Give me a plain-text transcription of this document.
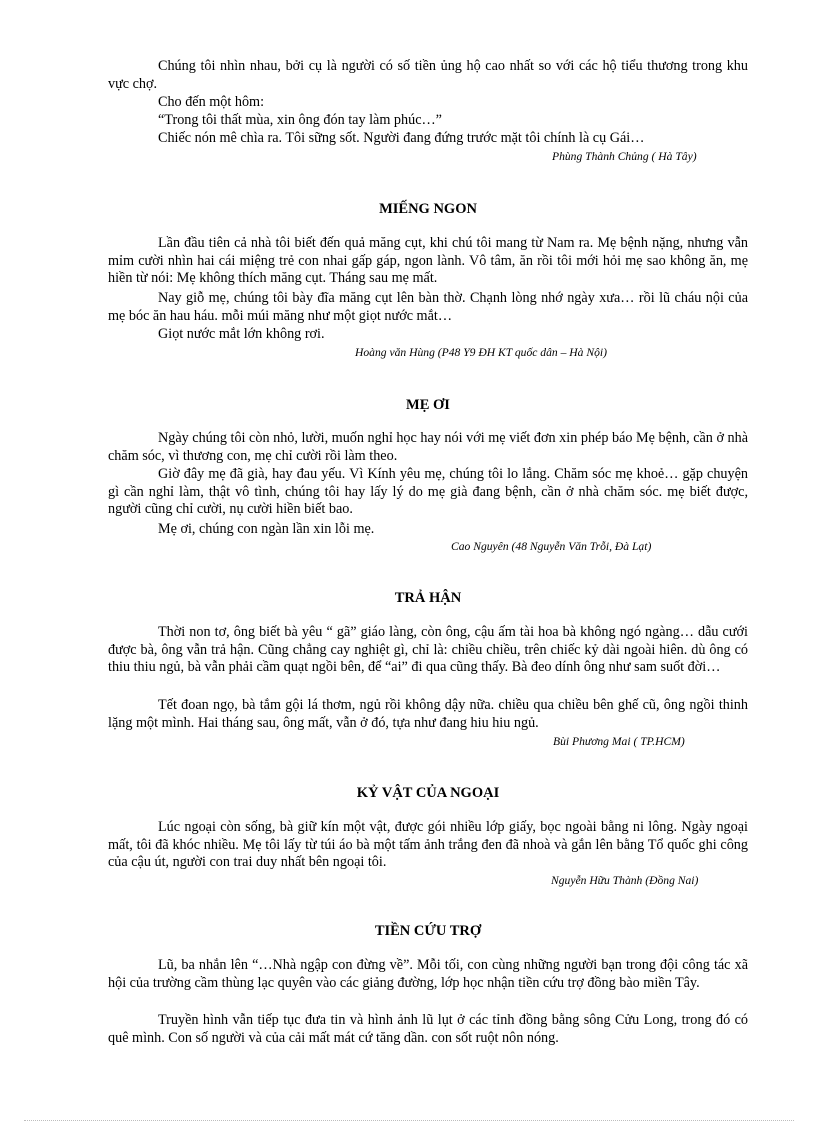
Chúng tôi nhìn nhau, bởi cụ là người có số tiền ủng hộ cao nhất so với các hộ tiểu thương trong khu vực chợ.

Cho đến một hôm:

“Trong tôi thất mùa, xin ông đón tay làm phúc…”

Chiếc nón mê chìa ra. Tôi sững sốt. Người đang đứng trước mặt tôi chính là cụ Gái…

Phùng Thành Chủng ( Hà Tây)
MIẾNG NGON

Lần đầu tiên cả nhà tôi biết đến quả măng cụt, khi chú tôi mang từ Nam ra. Mẹ bệnh nặng, nhưng vẫn mỉm cười nhìn hai cái miệng trẻ con nhai gấp gáp, ngon lành. Vô tâm, ăn rồi tôi mới hỏi mẹ sao không ăn, mẹ hiền từ nói: Mẹ không thích măng cụt. Tháng sau mẹ mất.

Nay giỗ mẹ, chúng tôi bày đĩa măng cụt lên bàn thờ. Chạnh lòng nhớ ngày xưa… rồi lũ cháu nội của mẹ bóc ăn hau háu. mỗi múi măng như một giọt nước mắt…

Giọt nước mắt lớn không rơi.

Hoàng văn Hùng (P48 Y9 ĐH KT quốc dân – Hà Nội)
MẸ ƠI

Ngày chúng tôi còn nhỏ, lười, muốn nghỉ học hay nói với mẹ viết đơn xin phép báo Mẹ bệnh, cần ở nhà chăm sóc, vì thương con, mẹ chỉ cười rồi làm theo.

Giờ đây mẹ đã già, hay đau yếu. Vì Kính yêu mẹ, chúng tôi lo lắng. Chăm sóc mẹ khoẻ… gặp chuyện gì cần nghỉ làm, thật vô tình, chúng tôi hay lấy lý do mẹ già đang bệnh, cần ở nhà chăm sóc. mẹ biết được, người cũng chỉ cười, nụ cười hiền biết bao.

Mẹ ơi, chúng con ngàn lần xin lỗi mẹ.

Cao Nguyên (48 Nguyễn Văn Trỗi, Đà Lạt)
TRẢ HẬN

Thời non tơ, ông biết bà yêu “ gã” giáo làng, còn ông, cậu ấm tài hoa bà không ngó ngàng… dẫu cưới được bà, ông vẫn trả hận. Cũng chẳng cay nghiệt gì, chỉ là: chiều chiều, trên chiếc kỷ dài ngoài hiên. dù ông có thiu thiu ngủ, bà vẫn phải cầm quạt ngồi bên, để “ai” đi qua cũng thấy. Bà đeo dính ông như sam suốt đời…

Tết đoan ngọ, bà tắm gội lá thơm, ngủ rồi không dậy nữa. chiều qua chiều bên ghế cũ, ông ngồi thinh lặng một mình. Hai tháng sau, ông mất, vẫn ở đó, tựa như đang hiu hiu ngủ.

Bùi Phương Mai ( TP.HCM)
KỶ VẬT CỦA NGOẠI

Lúc ngoại còn sống, bà giữ kín một vật, được gói nhiều lớp giấy, bọc ngoài bằng ni lông. Ngày ngoại mất, tôi đã khóc nhiều. Mẹ tôi lấy từ túi áo bà một tấm ảnh trắng đen đã nhoà và gắn lên bằng Tổ quốc ghi công của cậu út, người con trai duy nhất bên ngoại tôi.

Nguyễn Hữu Thành (Đồng Nai)
TIỀN CỨU TRỢ

Lũ, ba nhắn lên “…Nhà ngập con đừng về”. Mỗi tối, con cùng những người bạn trong đội công tác xã hội của trường cầm thùng lạc quyên vào các giảng đường, lớp học nhận tiền cứu trợ đồng bào miền Tây.

Truyền hình vẫn tiếp tục đưa tin và hình ảnh lũ lụt ở các tỉnh đồng bằng sông Cửu Long, trong đó có quê mình. Con số người và của cải mất mát cứ tăng dần. con sốt ruột nôn nóng.
